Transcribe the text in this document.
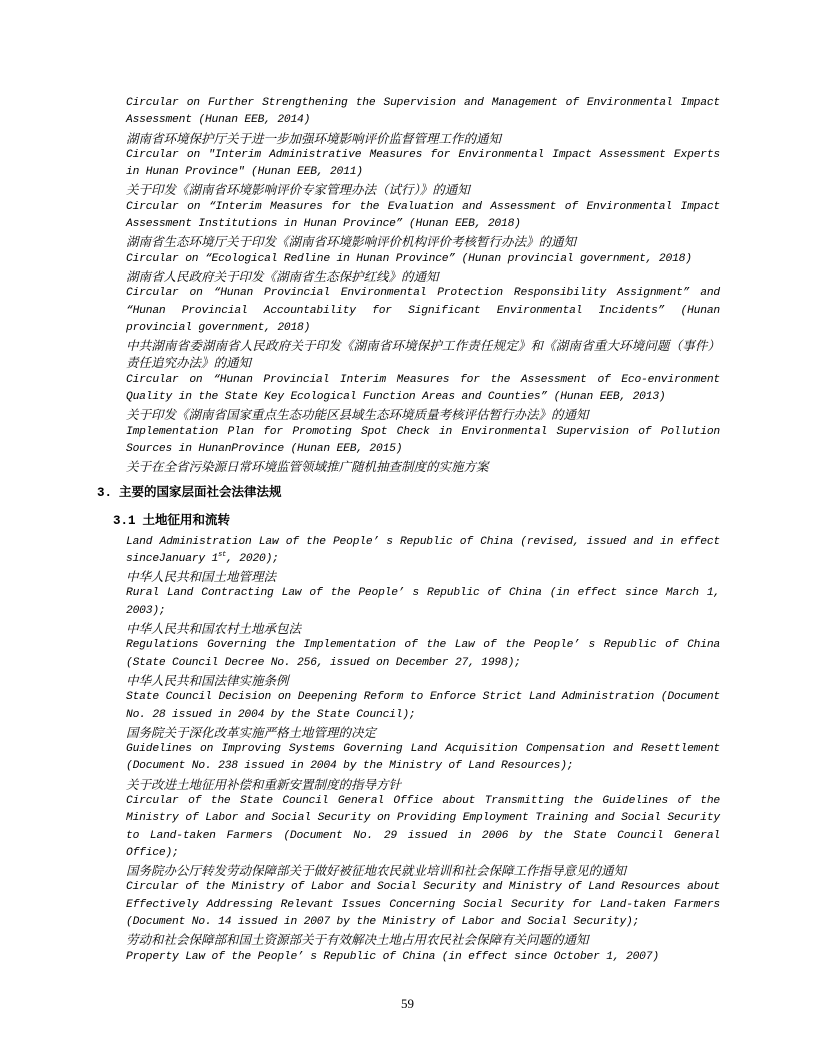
Circular on Further Strengthening the Supervision and Management of Environmental Impact Assessment (Hunan EEB, 2014)
湖南省环境保护厅关于进一步加强环境影响评价监督管理工作的通知
Circular on "Interim Administrative Measures for Environmental Impact Assessment Experts in Hunan Province" (Hunan EEB, 2011)
关于印发《湖南省环境影响评价专家管理办法（试行）》的通知
Circular on “Interim Measures for the Evaluation and Assessment of Environmental Impact Assessment Institutions in Hunan Province” (Hunan EEB, 2018)
湖南省生态环境厅关于印发《湖南省环境影响评价机构评价考核暂行办法》的通知
Circular on “Ecological Redline in Hunan Province” (Hunan provincial government, 2018)
湖南省人民政府关于印发《湖南省生态保护红线》的通知
Circular on “Hunan Provincial Environmental Protection Responsibility Assignment” and “Hunan Provincial Accountability for Significant Environmental Incidents” (Hunan provincial government, 2018)
中共湖南省委湖南省人民政府关于印发《湖南省环境保护工作责任规定》和《湖南省重大环境问题（事件）责任追究办法》的通知
Circular on “Hunan Provincial Interim Measures for the Assessment of Eco-environment Quality in the State Key Ecological Function Areas and Counties” (Hunan EEB, 2013)
关于印发《湖南省国家重点生态功能区县域生态环境质量考核评估暂行办法》的通知
Implementation Plan for Promoting Spot Check in Environmental Supervision of Pollution Sources in HunanProvince (Hunan EEB, 2015)
关于在全省污染源日常环境监管领域推广随机抽查制度的实施方案
3. 主要的国家层面社会法律法规
3.1 土地征用和流转
Land Administration Law of the People’ s Republic of China (revised, issued and in effect sinceJanuary 1st, 2020);
中华人民共和国土地管理法
Rural Land Contracting Law of the People’ s Republic of China (in effect since March 1, 2003);
中华人民共和国农村土地承包法
Regulations Governing the Implementation of the Law of the People’ s Republic of China (State Council Decree No. 256, issued on December 27, 1998);
中华人民共和国法律实施条例
State Council Decision on Deepening Reform to Enforce Strict Land Administration (Document No. 28 issued in 2004 by the State Council);
国务院关于深化改革实施严格土地管理的决定
Guidelines on Improving Systems Governing Land Acquisition Compensation and Resettlement (Document No. 238 issued in 2004 by the Ministry of Land Resources);
关于改进土地征用补偿和重新安置制度的指导方针
Circular of the State Council General Office about Transmitting the Guidelines of the Ministry of Labor and Social Security on Providing Employment Training and Social Security to Land-taken Farmers (Document No. 29 issued in 2006 by the State Council General Office);
国务院办公厅转发劳动保障部关于做好被征地农民就业培训和社会保障工作指导意见的通知
Circular of the Ministry of Labor and Social Security and Ministry of Land Resources about Effectively Addressing Relevant Issues Concerning Social Security for Land-taken Farmers (Document No. 14 issued in 2007 by the Ministry of Labor and Social Security);
劳动和社会保障部和国土资源部关于有效解决土地占用农民社会保障有关问题的通知
Property Law of the People’ s Republic of China (in effect since October 1, 2007)
59
